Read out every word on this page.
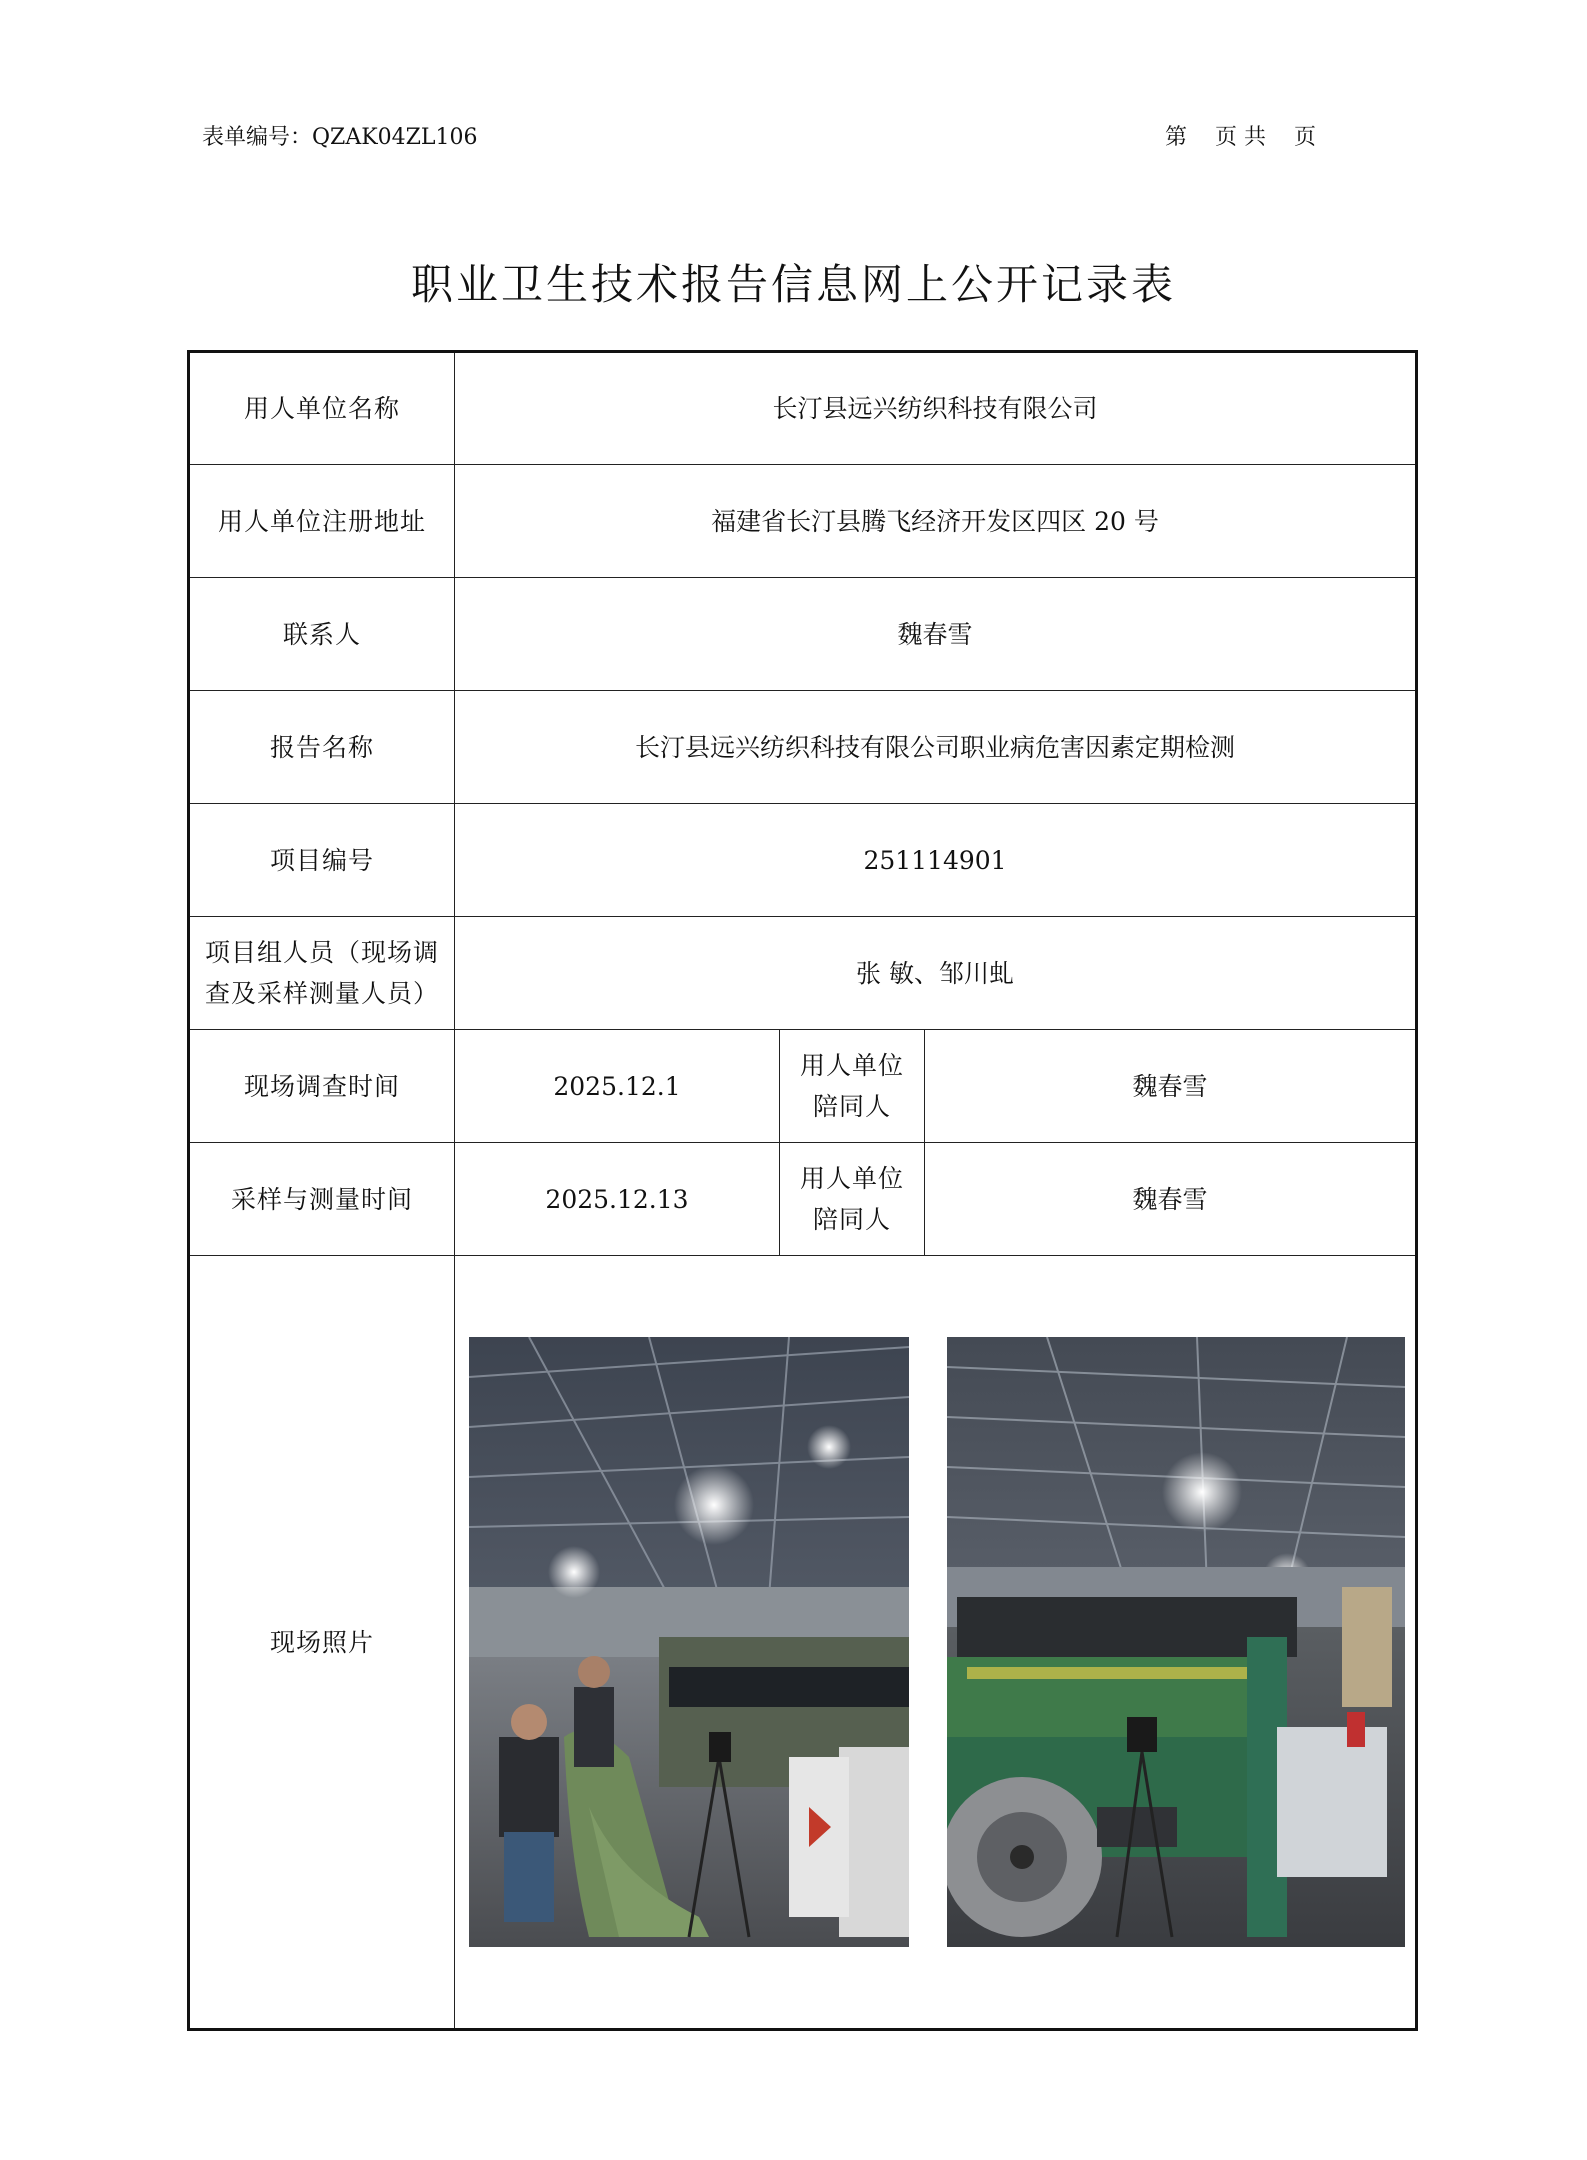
表单编号：QZAK04ZL106	第    页 共    页
职业卫生技术报告信息网上公开记录表
用人单位名称	长汀县远兴纺织科技有限公司		
用人单位注册地址	福建省长汀县腾飞经济开发区四区 20 号		
联系人	魏春雪		
报告名称	长汀县远兴纺织科技有限公司职业病危害因素定期检测		
项目编号	251114901		

项目组人员（现场调
查及采样测量人员）	张 敏、邹川虬		
现场调查时间	2025.12.1	用人单位
陪同人	魏春雪
采样与测量时间	2025.12.13	用人单位
陪同人	魏春雪
现场照片	
